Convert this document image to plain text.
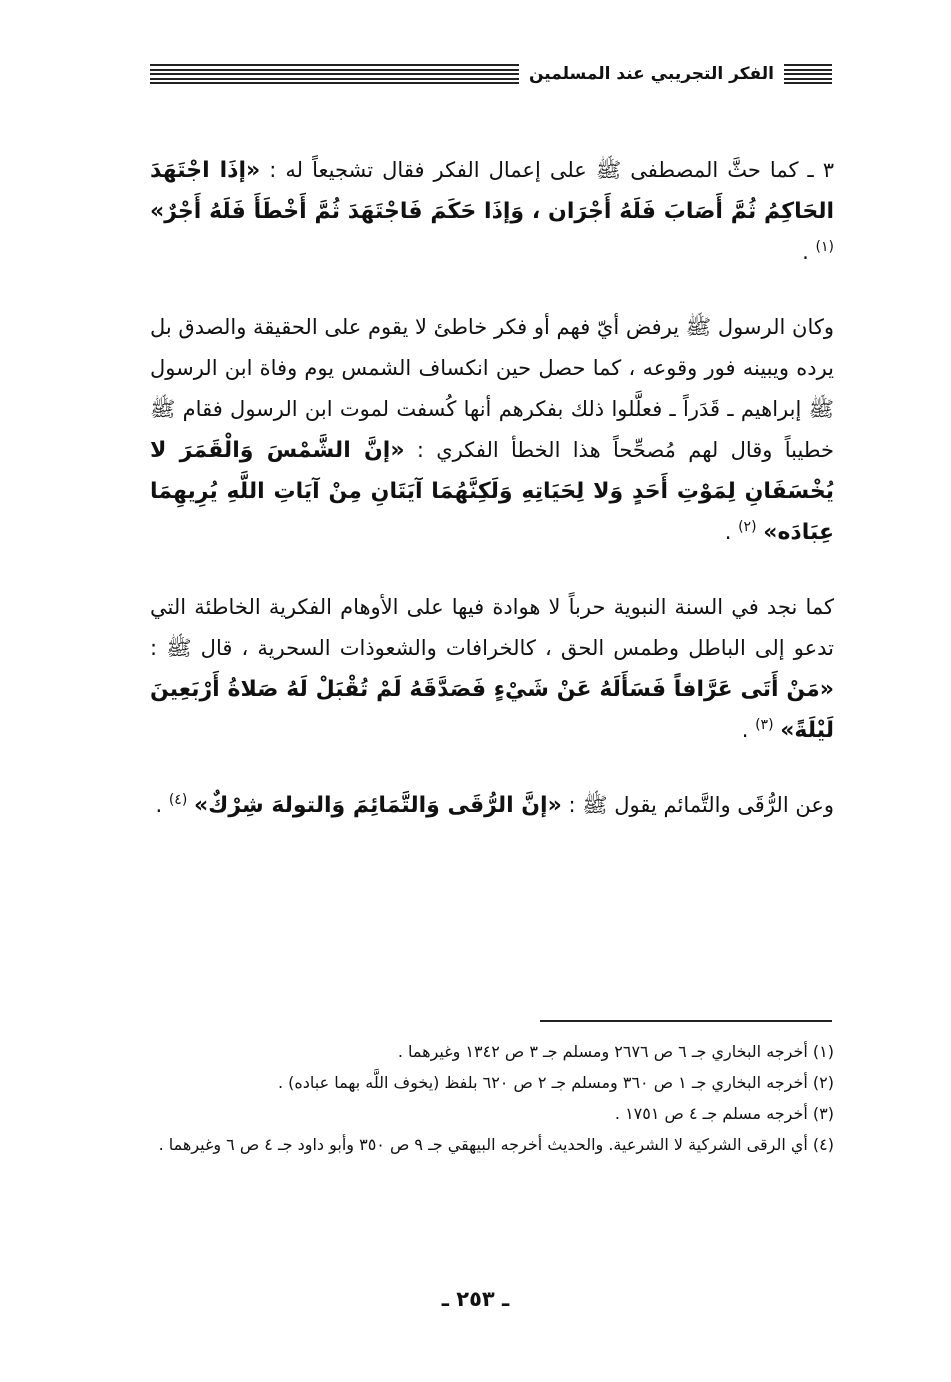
الفكر التجريبي عند المسلمين

٣ ـ كما حثَّ المصطفى ﷺ على إعمال الفكر فقال تشجيعاً له : «إذَا اجْتَهَدَ الحَاكِمُ ثُمَّ أَصَابَ فَلَهُ أَجْرَان ، وَإذَا حَكَمَ فَاجْتَهَدَ ثُمَّ أَخْطَأَ فَلَهُ أَجْرٌ» $^{(١)}$ .

وكان الرسول ﷺ يرفض أيّ فهم أو فكر خاطئ لا يقوم على الحقيقة والصدق بل يرده ويبينه فور وقوعه ، كما حصل حين انكساف الشمس يوم وفاة ابن الرسول ﷺ إبراهيم ـ قَدَراً ـ فعلَّلوا ذلك بفكرهم أنها كُسفت لموت ابن الرسول فقام ﷺ خطيباً وقال لهم مُصحِّحاً هذا الخطأ الفكري : «إنَّ الشَّمْسَ وَالْقَمَرَ لا يُخْسَفَانِ لِمَوْتِ أَحَدٍ وَلا لِحَيَاتِهِ وَلَكِنَّهُمَا آيَتَانِ مِنْ آيَاتِ اللَّهِ يُرِيهِمَا عِبَادَه» $^{(٢)}$ .

كما نجد في السنة النبوية حرباً لا هوادة فيها على الأوهام الفكرية الخاطئة التي تدعو إلى الباطل وطمس الحق ، كالخرافات والشعوذات السحرية ، قال ﷺ : «مَنْ أَتَى عَرَّافاً فَسَأَلَهُ عَنْ شَيْءٍ فَصَدَّقَهُ لَمْ تُقْبَلْ لَهُ صَلاةُ أَرْبَعِينَ لَيْلَةً» $^{(٣)}$ .

وعن الرُّقَى والتَّمائم يقول ﷺ : «إنَّ الرُّقَى وَالتَّمَائِمَ وَالتولهَ شِرْكٌ» $^{(٤)}$ .

(١) أخرجه البخاري جـ ٦ ص ٢٦٧٦ ومسلم جـ ٣ ص ١٣٤٢ وغيرهما .
(٢) أخرجه البخاري جـ ١ ص ٣٦٠ ومسلم جـ ٢ ص ٦٢٠ بلفظ (يخوف اللَّه بهما عباده) .
(٣) أخرجه مسلم جـ ٤ ص ١٧٥١ .
(٤) أي الرقى الشركية لا الشرعية. والحديث أخرجه البيهقي جـ ٩ ص ٣٥٠ وأبو داود جـ ٤ ص ٦ وغيرهما .
ـ ٢٥٣ ـ
